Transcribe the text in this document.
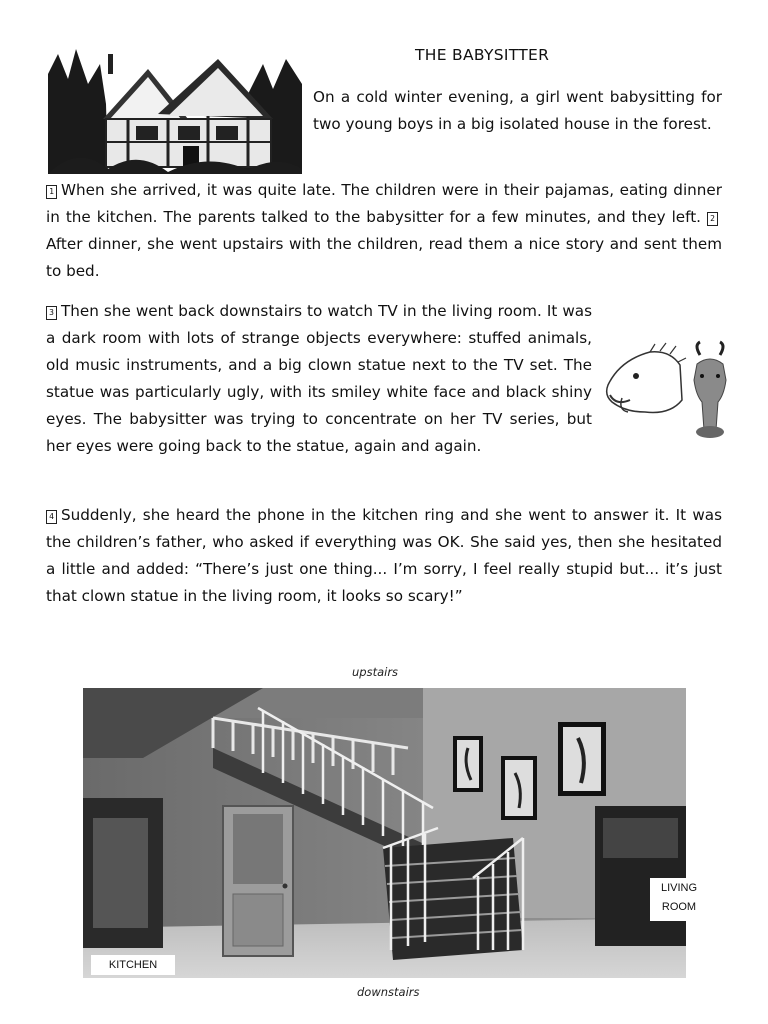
THE BABYSITTER

On a cold winter evening, a girl went babysitting for two young boys in a big isolated house in the forest.

1 When she arrived, it was quite late. The children were in their pajamas, eating dinner in the kitchen. The parents talked to the babysitter for a few minutes, and they left. 2After dinner, she went upstairs with the children, read them a nice story and sent them to bed.

3 Then she went back downstairs to watch TV in the living room. It was a dark room with lots of strange objects everywhere: stuffed animals, old music instruments, and a big clown statue next to the TV set. The statue was particularly ugly, with its smiley white face and black shiny eyes. The babysitter was trying to concentrate on her TV series, but her eyes were going back to the statue, again and again.

4 Suddenly, she heard the phone in the kitchen ring and she went to answer it. It was the children’s father, who asked if everything was OK. She said yes, then she hesitated a little and added: “There’s just one thing... I’m sorry, I feel really stupid but... it’s just that clown statue in the living room, it looks so scary!”

upstairs
KITCHEN
LIVING
ROOM
downstairs
